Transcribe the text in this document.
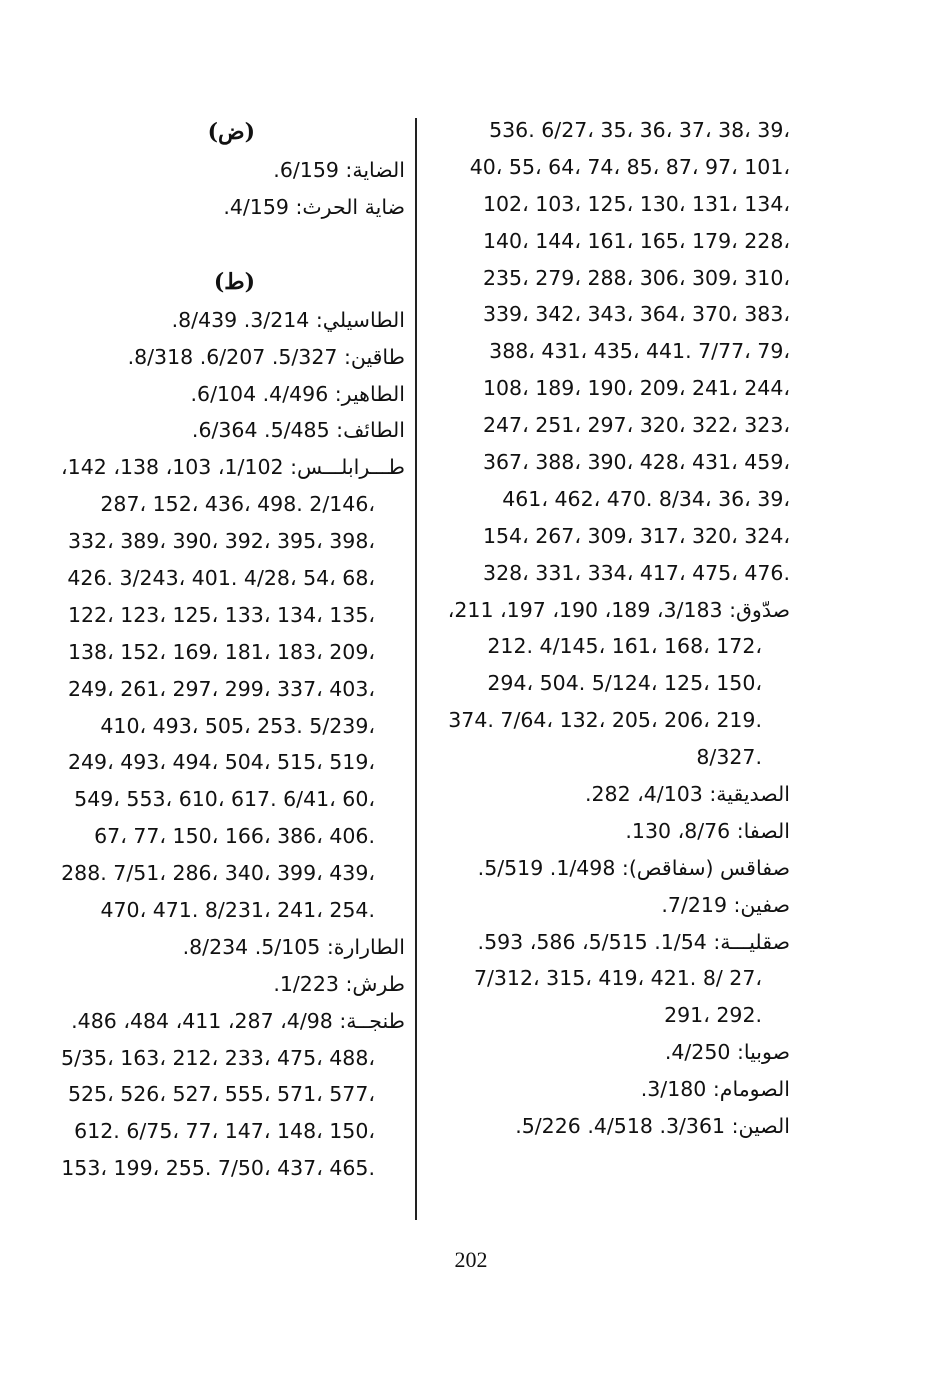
536. 6/27، 35، 36، 37، 38، 39،
40، 55، 64، 74، 85، 87، 97، 101،
102، 103، 125، 130، 131، 134،
140، 144، 161، 165، 179، 228،
235، 279، 288، 306، 309، 310،
339، 342، 343، 364، 370، 383،
388، 431، 435، 441. 7/77، 79،
108، 189، 190، 209، 241، 244،
247، 251، 297، 320، 322، 323،
367، 388، 390، 428، 431، 459،
461، 462، 470. 8/34، 36، 39،
154، 267، 309، 317، 320، 324،
328، 331، 334، 417، 475، 476.
صدّوق: 3/183، 189، 190، 197، 211،
212. 4/145، 161، 168، 172،
294، 504. 5/124، 125، 150،
374. 7/64، 132، 205، 206، 219.
8/327.
الصديقية: 4/103، 282.
الصفا: 8/76، 130.
صفاقس (سفاقص): 1/498. 5/519.
صفين: 7/219.
صقليـــة: 1/54. 5/515، 586، 593.
7/312، 315، 419، 421. 8/ 27،
291، 292.
صوبيا: 4/250.
الصومام: 3/180.
الصين: 3/361. 4/518. 5/226.
(ض)
الضاية: 6/159.
ضاية الحرث: 4/159.
(ط)
الطاسيلي: 3/214. 8/439.
طاقين: 5/327. 6/207. 8/318.
الطاهير: 4/496. 6/104.
الطائف: 5/485. 6/364.
طـــرابلـــس: 1/102، 103، 138، 142،
287، 152، 436، 498. 2/146،
332، 389، 390، 392، 395، 398،
426. 3/243، 401. 4/28، 54، 68،
122، 123، 125، 133، 134، 135،
138، 152، 169، 181، 183، 209،
249، 261، 297، 299، 337، 403،
410، 493، 505، 253. 5/239،
249، 493، 494، 504، 515، 519،
549، 553، 610، 617. 6/41، 60،
67، 77، 150، 166، 386، 406.
288. 7/51، 286، 340، 399، 439،
470، 471. 8/231، 241، 254.
الطارارة: 5/105. 8/234.
طرش: 1/223.
طنجــة: 4/98، 287، 411، 484، 486.
5/35، 163، 212، 233، 475، 488،
525، 526، 527، 555، 571، 577،
612. 6/75، 77، 147، 148، 150،
153، 199، 255. 7/50، 437، 465.
202
